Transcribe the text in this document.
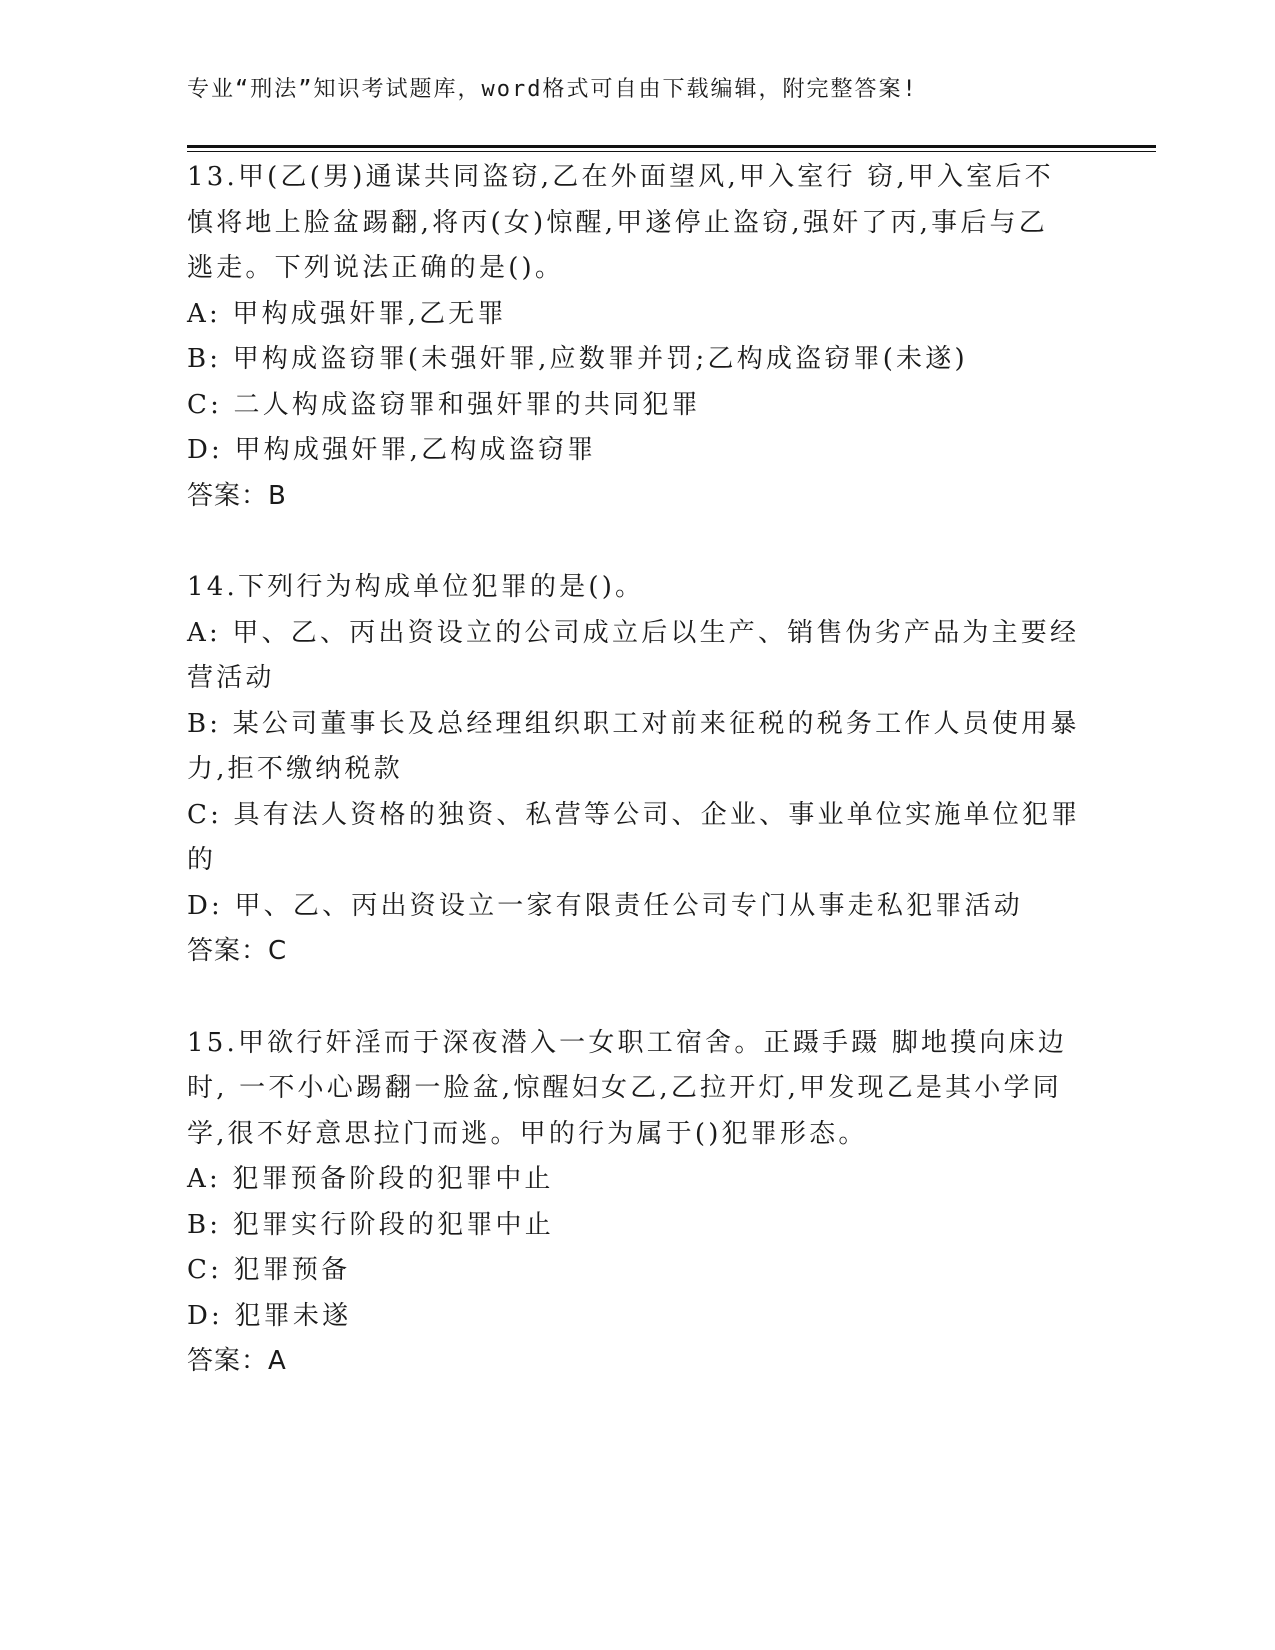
专业“刑法”知识考试题库，word格式可自由下载编辑，附完整答案!
13.甲(乙(男)通谋共同盗窃,乙在外面望风,甲入室行 窃,甲入室后不
慎将地上脸盆踢翻,将丙(女)惊醒,甲遂停止盗窃,强奸了丙,事后与乙
逃走。下列说法正确的是()。
A: 甲构成强奸罪,乙无罪
B: 甲构成盗窃罪(未强奸罪,应数罪并罚;乙构成盗窃罪(未遂)
C: 二人构成盗窃罪和强奸罪的共同犯罪
D: 甲构成强奸罪,乙构成盗窃罪
答案：B
14.下列行为构成单位犯罪的是()。
A: 甲、乙、丙出资设立的公司成立后以生产、销售伪劣产品为主要经
营活动
B: 某公司董事长及总经理组织职工对前来征税的税务工作人员使用暴
力,拒不缴纳税款
C: 具有法人资格的独资、私营等公司、企业、事业单位实施单位犯罪
的
D: 甲、乙、丙出资设立一家有限责任公司专门从事走私犯罪活动
答案：C
15.甲欲行奸淫而于深夜潜入一女职工宿舍。正蹑手蹑 脚地摸向床边
时, 一不小心踢翻一脸盆,惊醒妇女乙,乙拉开灯,甲发现乙是其小学同
学,很不好意思拉门而逃。甲的行为属于()犯罪形态。
A: 犯罪预备阶段的犯罪中止
B: 犯罪实行阶段的犯罪中止
C: 犯罪预备
D: 犯罪未遂
答案：A
